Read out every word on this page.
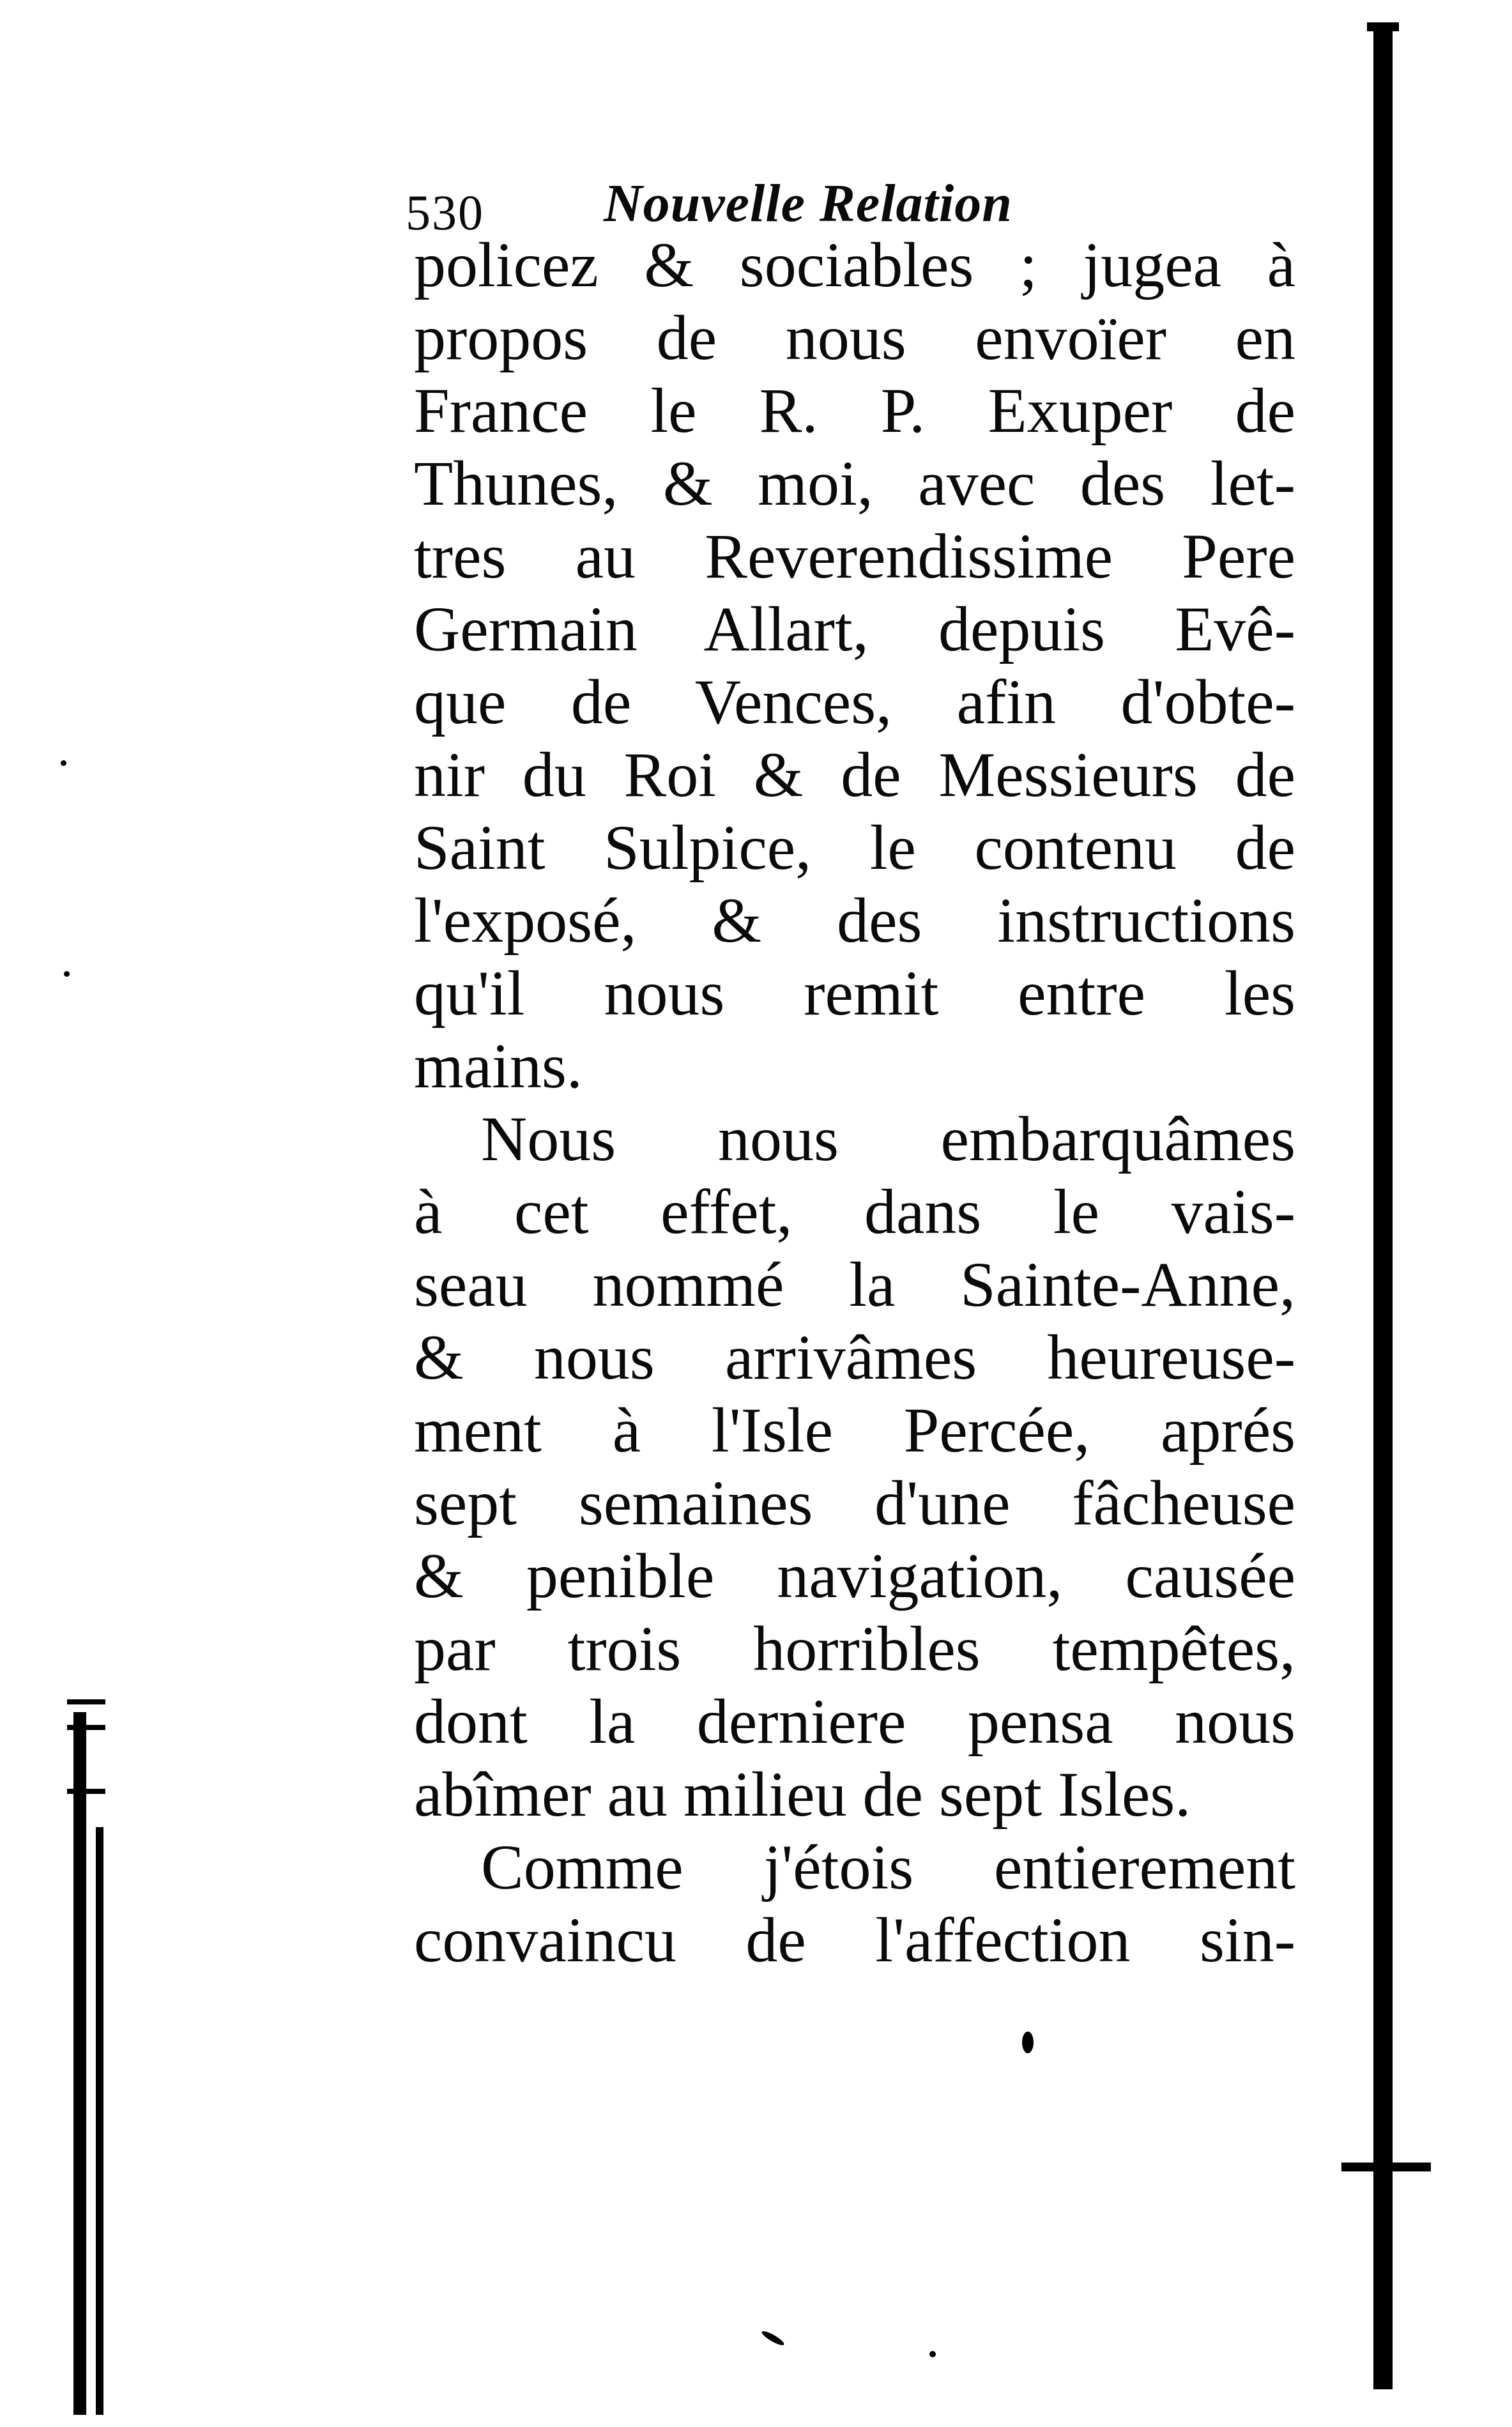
530 Nouvelle Relation
policez & sociables ; jugea à
propos de nous envoïer en
France le R. P. Exuper de
Thunes, & moi, avec des let-
tres au Reverendissime Pere
Germain Allart, depuis Evê-
que de Vences, afin d'obte-
nir du Roi & de Messieurs de
Saint Sulpice, le contenu de
l'exposé, & des instructions
qu'il nous remit entre les
mains.
Nous nous embarquâmes
à cet effet, dans le vais-
seau nommé la Sainte-Anne,
& nous arrivâmes heureuse-
ment à l'Isle Percée, aprés
sept semaines d'une fâcheuse
& penible navigation, causée
par trois horribles tempêtes,
dont la derniere pensa nous
abîmer au milieu de sept Isles.
Comme j'étois entierement
convaincu de l'affection sin-
